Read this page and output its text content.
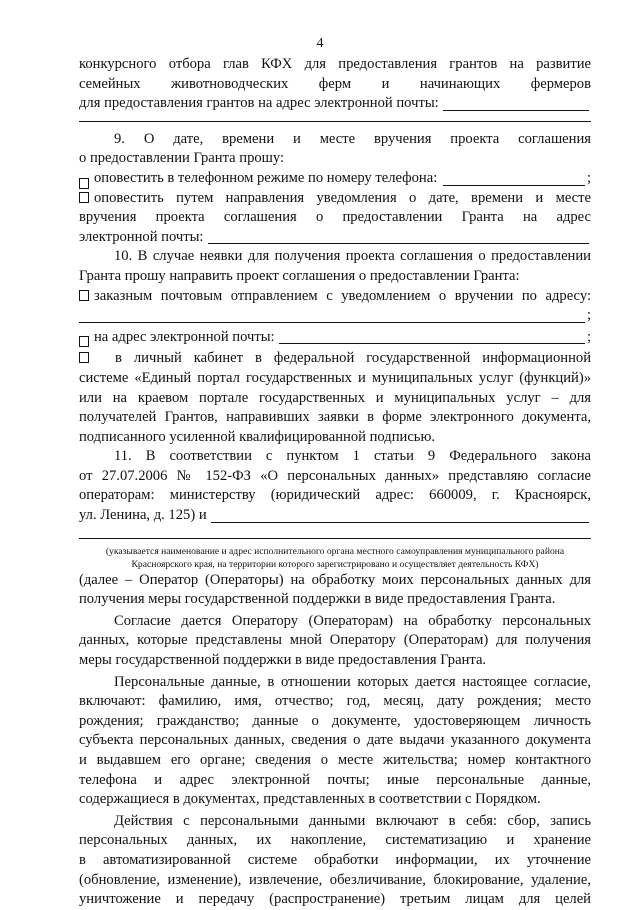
4

конкурсного отбора глав КФХ для предоставления грантов на развитие

семейных животноводческих ферм и начинающих фермеров

для предоставления грантов на адрес электронной почты:

9. О дате, времени и месте вручения проекта соглашения

о предоставлении Гранта прошу:

оповестить в телефонном режиме по номеру телефона:	;

оповестить путем направления уведомления о дате, времени и месте

вручения проекта соглашения о предоставлении Гранта на адрес

электронной почты:

10. В случае неявки для получения проекта соглашения о предоставлении

Гранта прошу направить проект соглашения о предоставлении Гранта:

заказным почтовым отправлением с уведомлением о вручении по адресу:

;
на адрес электронной почты:	;

в личный кабинет в федеральной государственной информационной

системе «Единый портал государственных и муниципальных услуг (функций)»

или на краевом портале государственных и муниципальных услуг – для

получателей Грантов, направивших заявки в форме электронного документа,

подписанного усиленной квалифицированной подписью.

11. В соответствии с пунктом 1 статьи 9 Федерального закона

от 27.07.2006 № 152-ФЗ «О персональных данных» представляю согласие

операторам: министерству (юридический адрес: 660009, г. Красноярск,

ул. Ленина, д. 125) и
(указывается наименование и адрес исполнительного органа местного самоуправления муниципального района
Красноярского края, на территории которого зарегистрировано и осуществляет деятельность КФХ)

(далее – Оператор (Операторы) на обработку моих персональных данных для

получения меры государственной поддержки в виде предоставления Гранта.

Согласие дается Оператору (Операторам) на обработку персональных

данных, которые представлены мной Оператору (Операторам) для получения

меры государственной поддержки в виде предоставления Гранта.

Персональные данные, в отношении которых дается настоящее согласие,

включают: фамилию, имя, отчество; год, месяц, дату рождения; место

рождения; гражданство; данные о документе, удостоверяющем личность

субъекта персональных данных, сведения о дате выдачи указанного документа

и выдавшем его органе; сведения о месте жительства; номер контактного

телефона и адрес электронной почты; иные персональные данные,

содержащиеся в документах, представленных в соответствии с Порядком.

Действия с персональными данными включают в себя: сбор, запись

персональных данных, их накопление, систематизацию и хранение

в автоматизированной системе обработки информации, их уточнение

(обновление, изменение), извлечение, обезличивание, блокирование, удаление,

уничтожение и передачу (распространение) третьим лицам для целей
